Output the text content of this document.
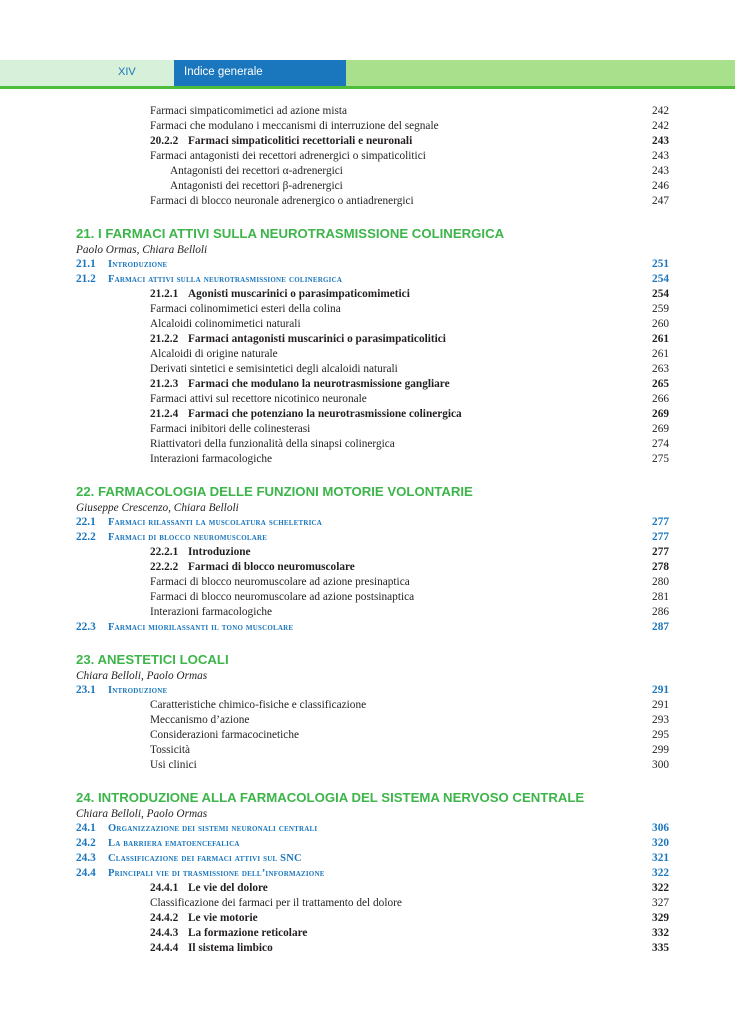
XIV	Indice generale
Farmaci simpaticomimetici ad azione mista	242
Farmaci che modulano i meccanismi di interruzione del segnale	242
20.2.2 Farmaci simpaticolitici recettoriali e neuronali	243
Farmaci antagonisti dei recettori adrenergici o simpaticolitici	243
Antagonisti dei recettori α-adrenergici	243
Antagonisti dei recettori β-adrenergici	246
Farmaci di blocco neuronale adrenergico o antiadrenergici	247
21. I FARMACI ATTIVI SULLA NEUROTRASMISSIONE COLINERGICA
Paolo Ormas, Chiara Belloli
21.1 Introduzione	251
21.2 Farmaci attivi sulla neurotrasmissione colinergica	254
21.2.1 Agonisti muscarinici o parasimpaticomimetici	254
Farmaci colinomimetici esteri della colina	259
Alcaloidi colinomimetici naturali	260
21.2.2 Farmaci antagonisti muscarinici o parasimpaticolitici	261
Alcaloidi di origine naturale	261
Derivati sintetici e semisintetici degli alcaloidi naturali	263
21.2.3 Farmaci che modulano la neurotrasmissione gangliare	265
Farmaci attivi sul recettore nicotinico neuronale	266
21.2.4 Farmaci che potenziano la neurotrasmissione colinergica	269
Farmaci inibitori delle colinesterasi	269
Riattivatori della funzionalità della sinapsi colinergica	274
Interazioni farmacologiche	275
22. FARMACOLOGIA DELLE FUNZIONI MOTORIE VOLONTARIE
Giuseppe Crescenzo, Chiara Belloli
22.1 Farmaci rilassanti la muscolatura scheletrica	277
22.2 Farmaci di blocco neuromuscolare	277
22.2.1 Introduzione	277
22.2.2 Farmaci di blocco neuromuscolare	278
Farmaci di blocco neuromuscolare ad azione presinaptica	280
Farmaci di blocco neuromuscolare ad azione postsinaptica	281
Interazioni farmacologiche	286
22.3 Farmaci miorilassanti il tono muscolare	287
23. ANESTETICI LOCALI
Chiara Belloli, Paolo Ormas
23.1 Introduzione	291
Caratteristiche chimico-fisiche e classificazione	291
Meccanismo d’azione	293
Considerazioni farmacocinetiche	295
Tossicità	299
Usi clinici	300
24. INTRODUZIONE ALLA FARMACOLOGIA DEL SISTEMA NERVOSO CENTRALE
Chiara Belloli, Paolo Ormas
24.1 Organizzazione dei sistemi neuronali centrali	306
24.2 La barriera ematoencefalica	320
24.3 Classificazione dei farmaci attivi sul SNC	321
24.4 Principali vie di trasmissione dell’informazione	322
24.4.1 Le vie del dolore	322
Classificazione dei farmaci per il trattamento del dolore	327
24.4.2 Le vie motorie	329
24.4.3 La formazione reticolare	332
24.4.4 Il sistema limbico	335
